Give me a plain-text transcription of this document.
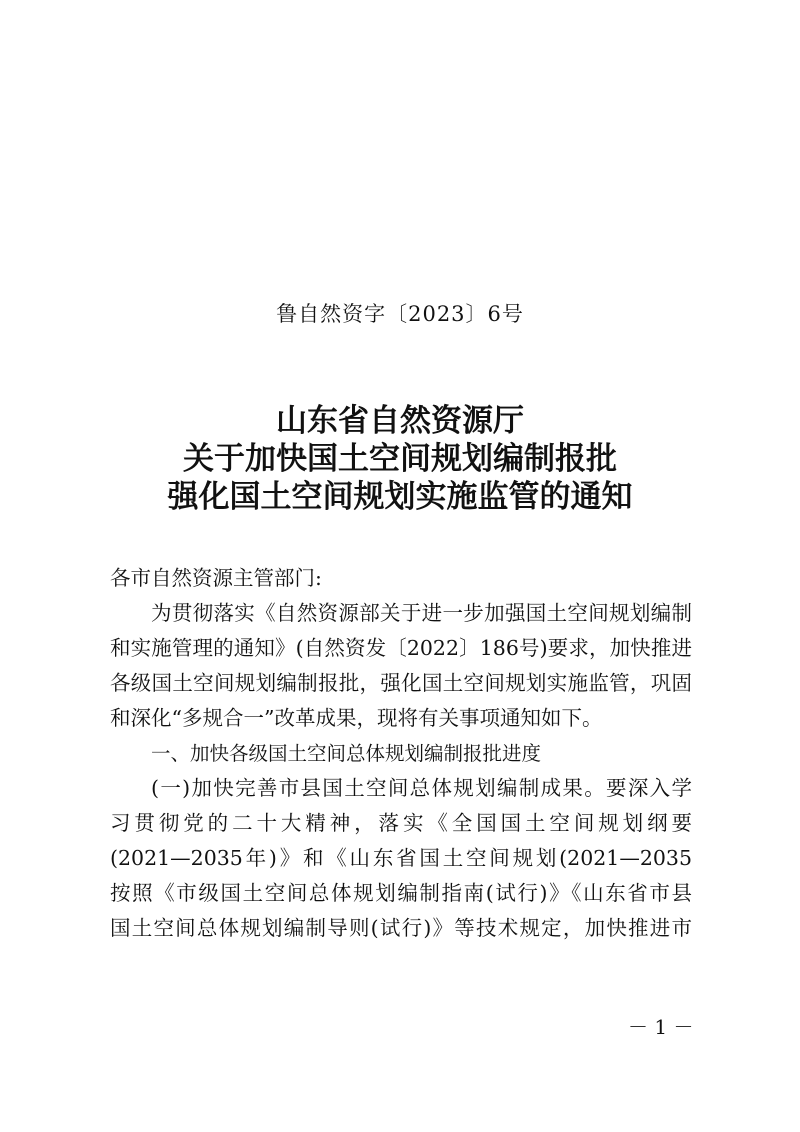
鲁自然资字〔2023〕6号
山东省自然资源厅
关于加快国土空间规划编制报批
强化国土空间规划实施监管的通知
各市自然资源主管部门:
为贯彻落实《自然资源部关于进一步加强国土空间规划编制
和实施管理的通知》(自然资发〔2022〕186号)要求，加快推进
各级国土空间规划编制报批，强化国土空间规划实施监管，巩固
和深化“多规合一”改革成果，现将有关事项通知如下。
一、加快各级国土空间总体规划编制报批进度
(一)加快完善市县国土空间总体规划编制成果。要深入学
习贯彻党的二十大精神，落实《全国国土空间规划纲要
(2021—2035年)》和《山东省国土空间规划(2021—2035
按照《市级国土空间总体规划编制指南(试行)》《山东省市县
国土空间总体规划编制导则(试行)》等技术规定，加快推进市
－ 1 －
